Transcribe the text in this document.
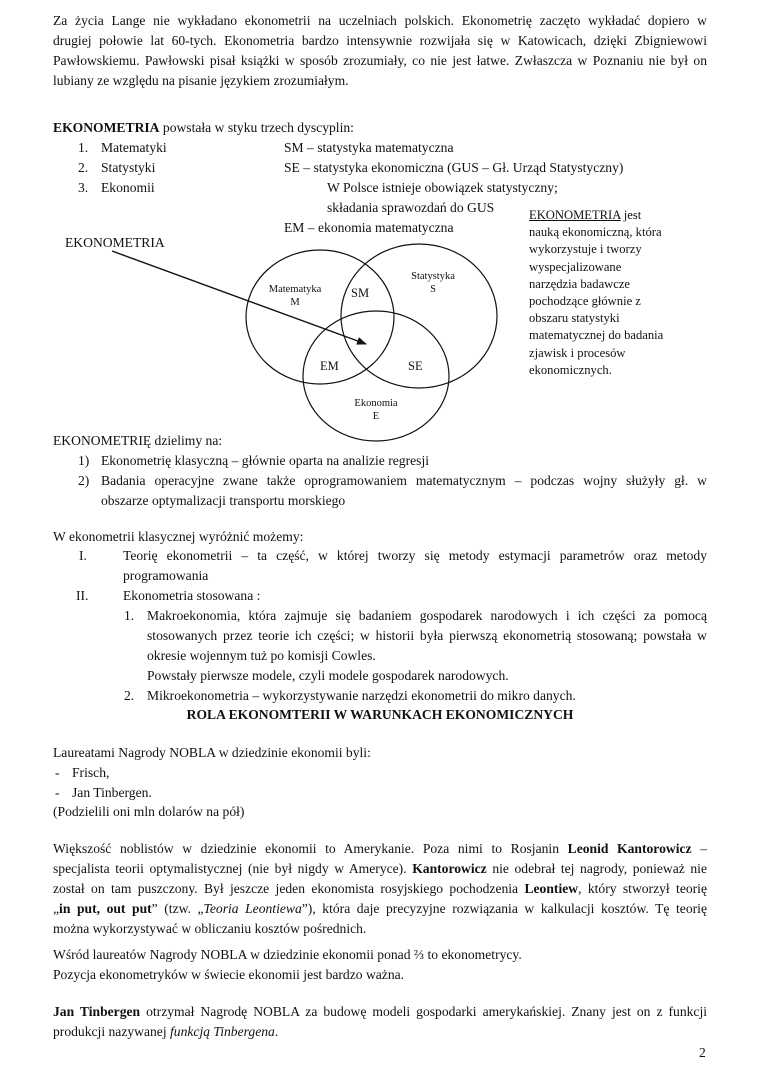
Za życia Lange nie wykładano ekonometrii na uczelniach polskich. Ekonometrię zaczęto wykładać dopiero w
drugiej połowie lat 60-tych. Ekonometria bardzo intensywnie rozwijała się w Katowicach, dzięki Zbigniewowi
Pawłowskiemu. Pawłowski pisał książki w sposób zrozumiały, co nie jest łatwe. Zwłaszcza w Poznaniu nie był on
lubiany ze względu na pisanie językiem zrozumiałym.
EKONOMETRIA powstała w styku trzech dyscyplin:
1. Matematyki
2. Statystyki
3. Ekonomii
SM – statystyka matematyczna
SE – statystyka ekonomiczna (GUS – Gł. Urząd Statystyczny)
W Polsce istnieje obowiązek statystyczny;
składania sprawozdań do GUS
EM – ekonomia matematyczna
EKONOMETRIA
Matematyka
M
Statystyka
S
Ekonomia
E
SM
EM	SE
EKONOMETRIA jest
nauką ekonomiczną, która
wykorzystuje i tworzy
wyspecjalizowane
narzędzia badawcze
pochodzące głównie z
obszaru statystyki
matematycznej do badania
zjawisk i procesów
ekonomicznych.
EKONOMETRIĘ dzielimy na:
1) Ekonometrię klasyczną – głównie oparta na analizie regresji
2) Badania operacyjne zwane także oprogramowaniem matematycznym – podczas wojny służyły gł. w
obszarze optymalizacji transportu morskiego
W ekonometrii klasycznej wyróżnić możemy:
I.	Teorię ekonometrii – ta część, w której tworzy się metody estymacji parametrów oraz metody
programowania
II.	Ekonometria stosowana :
1. Makroekonomia, która zajmuje się badaniem gospodarek narodowych i ich części za pomocą
stosowanych przez teorie ich części; w historii była pierwszą ekonometrią stosowaną; powstała w
okresie wojennym tuż po komisji Cowles.
Powstały pierwsze modele, czyli modele gospodarek narodowych.
2. Mikroekonometria – wykorzystywanie narzędzi ekonometrii do mikro danych.
ROLA EKONOMTERII W WARUNKACH EKONOMICZNYCH
Laureatami Nagrody NOBLA w dziedzinie ekonomii byli:
- Frisch,
- Jan Tinbergen.
(Podzielili oni mln dolarów na pół)
Większość noblistów w dziedzinie ekonomii to Amerykanie. Poza nimi to Rosjanin Leonid Kantorowicz –
specjalista teorii optymalistycznej (nie był nigdy w Ameryce). Kantorowicz nie odebrał tej nagrody, ponieważ nie
został on tam puszczony. Był jeszcze jeden ekonomista rosyjskiego pochodzenia Leontiew, który stworzył teorię
„in put, out put” (tzw. „Teoria Leontiewa”), która daje precyzyjne rozwiązania w kalkulacji kosztów. Tę teorię
można wykorzystywać w obliczaniu kosztów pośrednich.
Wśród laureatów Nagrody NOBLA w dziedzinie ekonomii ponad ⅔ to ekonometrycy.
Pozycja ekonometryków w świecie ekonomii jest bardzo ważna.
Jan Tinbergen otrzymał Nagrodę NOBLA za budowę modeli gospodarki amerykańskiej. Znany jest on z funkcji
produkcji nazywanej funkcją Tinbergena.
2
